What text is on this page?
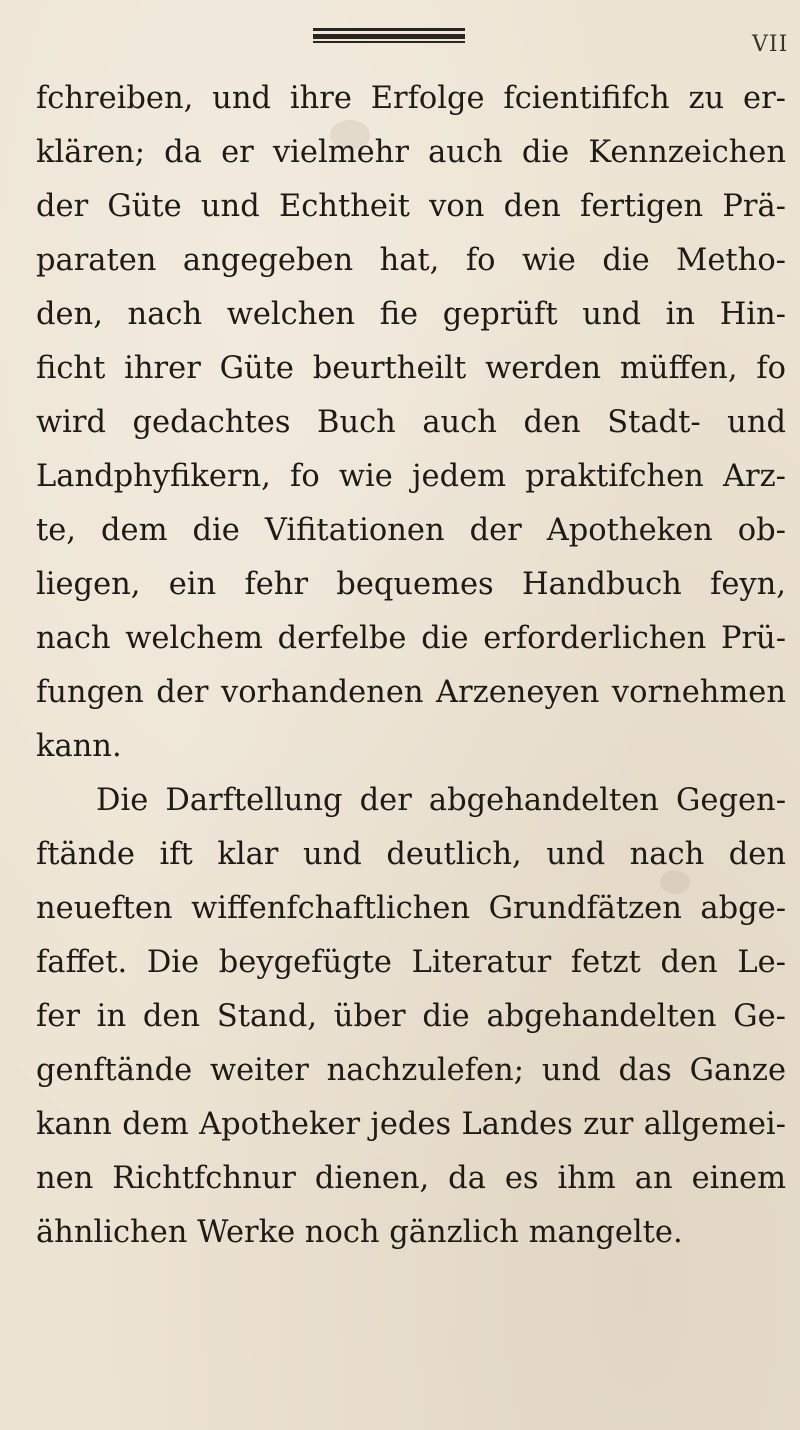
VII
fchreiben, und ihre Erfolge fcientififch zu er-
klären; da er vielmehr auch die Kennzeichen
der Güte und Echtheit von den fertigen Prä-
paraten angegeben hat, fo wie die Metho-
den, nach welchen fie geprüft und in Hin-
ficht ihrer Güte beurtheilt werden müffen, fo
wird gedachtes Buch auch den Stadt- und
Landphyfikern, fo wie jedem praktifchen Arz-
te, dem die Vifitationen der Apotheken ob-
liegen, ein fehr bequemes Handbuch feyn,
nach welchem derfelbe die erforderlichen Prü-
fungen der vorhandenen Arzeneyen vornehmen
kann.
Die Darftellung der abgehandelten Gegen-
ftände ift klar und deutlich, und nach den
neueften wiffenfchaftlichen Grundfätzen abge-
faffet. Die beygefügte Literatur fetzt den Le-
fer in den Stand, über die abgehandelten Ge-
genftände weiter nachzulefen; und das Ganze
kann dem Apotheker jedes Landes zur allgemei-
nen Richtfchnur dienen, da es ihm an einem
ähnlichen Werke noch gänzlich mangelte.
